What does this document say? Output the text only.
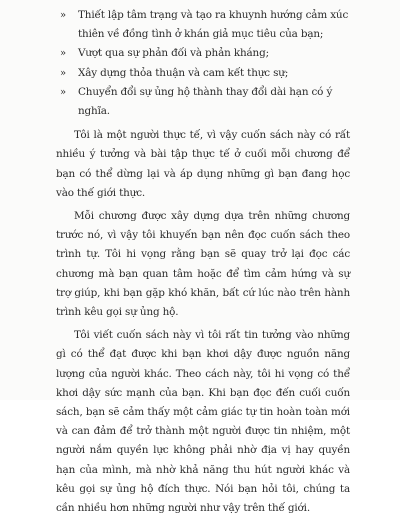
» Thiết lập tâm trạng và tạo ra khuynh hướng cảm xúc thiên về đồng tình ở khán giả mục tiêu của bạn;
» Vượt qua sự phản đối và phản kháng;
» Xây dựng thỏa thuận và cam kết thực sự;
» Chuyển đổi sự ủng hộ thành thay đổi dài hạn có ý nghĩa.

Tôi là một người thực tế, vì vậy cuốn sách này có rất nhiều ý tưởng và bài tập thực tế ở cuối mỗi chương để bạn có thể dừng lại và áp dụng những gì bạn đang học vào thế giới thực.

Mỗi chương được xây dựng dựa trên những chương trước nó, vì vậy tôi khuyến bạn nên đọc cuốn sách theo trình tự. Tôi hi vọng rằng bạn sẽ quay trở lại đọc các chương mà bạn quan tâm hoặc để tìm cảm hứng và sự trợ giúp, khi bạn gặp khó khăn, bất cứ lúc nào trên hành trình kêu gọi sự ủng hộ.

Tôi viết cuốn sách này vì tôi rất tin tưởng vào những gì có thể đạt được khi bạn khơi dậy được nguồn năng lượng của người khác. Theo cách này, tôi hi vọng có thể khơi dậy sức mạnh của bạn. Khi bạn đọc đến cuối cuốn sách, bạn sẽ cảm thấy một cảm giác tự tin hoàn toàn mới và can đảm để trở thành một người được tin nhiệm, một người nắm quyền lực không phải nhờ địa vị hay quyền hạn của mình, mà nhờ khả năng thu hút người khác và kêu gọi sự ủng hộ đích thực. Nói bạn hỏi tôi, chúng ta cần nhiều hơn những người như vậy trên thế giới.
